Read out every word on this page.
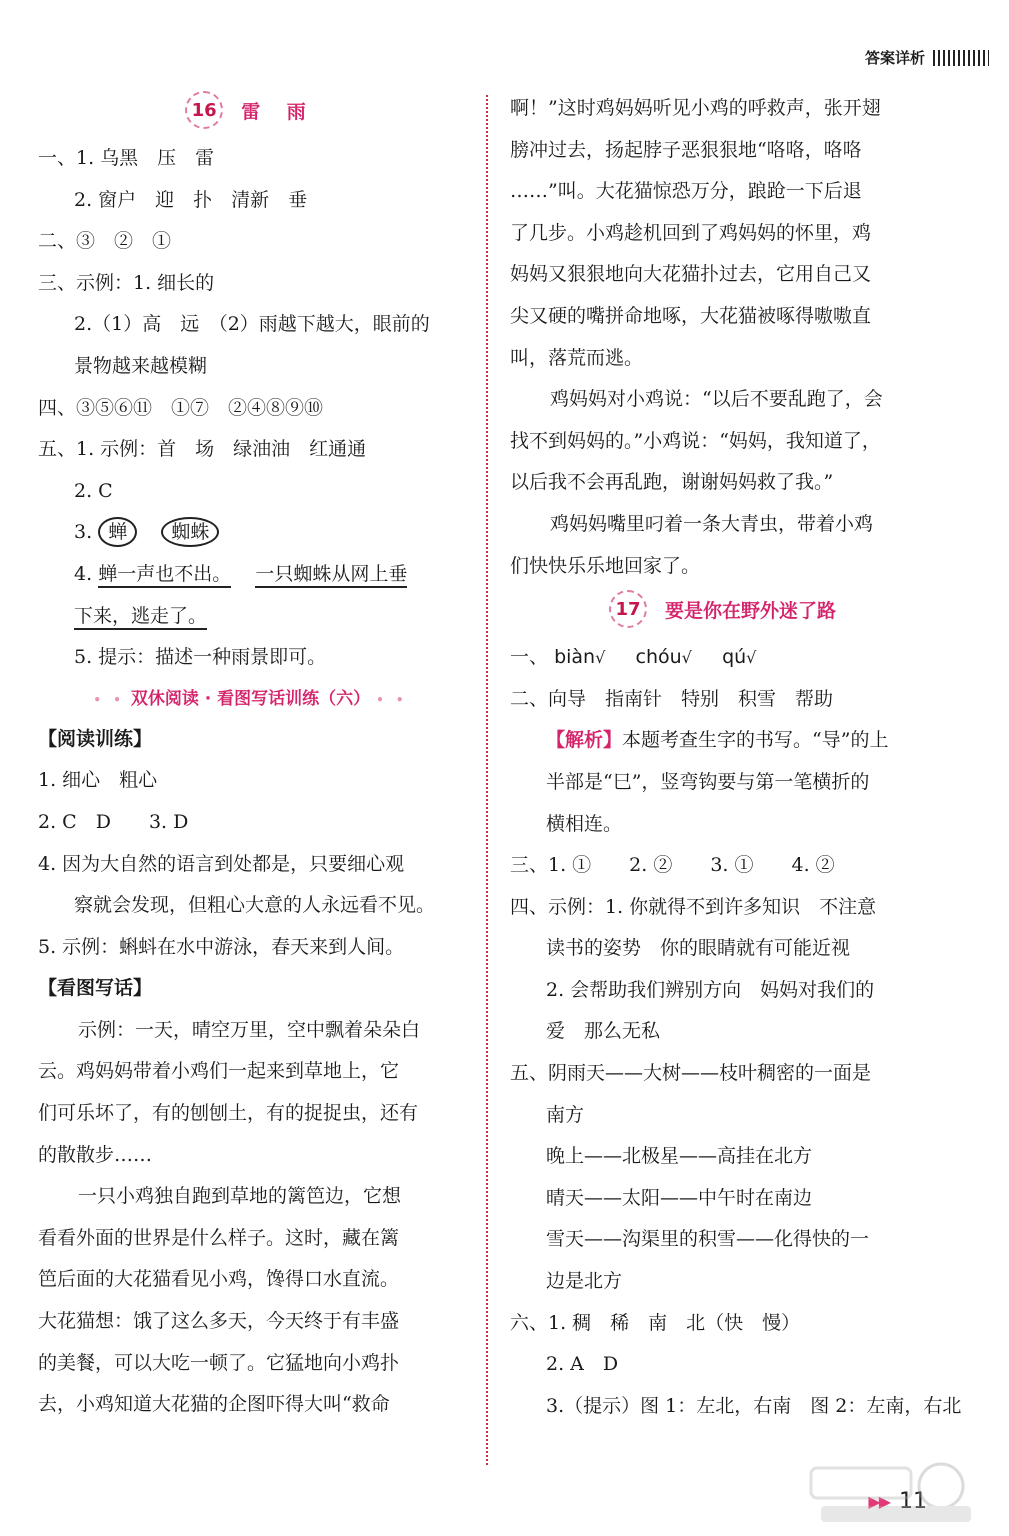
答案详析
16	雷 雨
一、1. 乌黑　压　雷
2. 窗户　迎　扑　清新　垂
二、③　②　①
三、示例：1. 细长的
2.（1）高　远　（2）雨越下越大，眼前的
景物越来越模糊
四、③⑤⑥⑪　①⑦　②④⑧⑨⑩
五、1. 示例：首　场　绿油油　红通通
2. C
3. 蝉 蜘蛛
4. 蝉一声也不出。 一只蜘蛛从网上垂
下来，逃走了。
5. 提示：描述一种雨景即可。
• • 双休阅读 · 看图写话训练（六） • •
【阅读训练】
1. 细心　粗心
2. C　D　　3. D
4. 因为大自然的语言到处都是，只要细心观
察就会发现，但粗心大意的人永远看不见。
5. 示例：蝌蚪在水中游泳，春天来到人间。
【看图写话】
示例：一天，晴空万里，空中飘着朵朵白
云。鸡妈妈带着小鸡们一起来到草地上，它
们可乐坏了，有的刨刨土，有的捉捉虫，还有
的散散步……
一只小鸡独自跑到草地的篱笆边，它想
看看外面的世界是什么样子。这时，藏在篱
笆后面的大花猫看见小鸡，馋得口水直流。
大花猫想：饿了这么多天，今天终于有丰盛
的美餐，可以大吃一顿了。它猛地向小鸡扑
去，小鸡知道大花猫的企图吓得大叫“救命
啊！”这时鸡妈妈听见小鸡的呼救声，张开翅
膀冲过去，扬起脖子恶狠狠地“咯咯，咯咯
……”叫。大花猫惊恐万分，踉跄一下后退
了几步。小鸡趁机回到了鸡妈妈的怀里，鸡
妈妈又狠狠地向大花猫扑过去，它用自己又
尖又硬的嘴拼命地啄，大花猫被啄得嗷嗷直
叫，落荒而逃。
鸡妈妈对小鸡说：“以后不要乱跑了，会
找不到妈妈的。”小鸡说：“妈妈，我知道了，
以后我不会再乱跑，谢谢妈妈救了我。”
鸡妈妈嘴里叼着一条大青虫，带着小鸡
们快快乐乐地回家了。
17	要是你在野外迷了路
一、 biàn√ chóu√ qú√
二、向导　指南针　特别　积雪　帮助
【解析】本题考查生字的书写。“导”的上
半部是“巳”，竖弯钩要与第一笔横折的
横相连。
三、1. ①　　2. ②　　3. ①　　4. ②
四、示例：1. 你就得不到许多知识　不注意
读书的姿势　你的眼睛就有可能近视
2. 会帮助我们辨别方向　妈妈对我们的
爱　那么无私
五、阴雨天——大树——枝叶稠密的一面是
南方
晚上——北极星——高挂在北方
晴天——太阳——中午时在南边
雪天——沟渠里的积雪——化得快的一
边是北方
六、1. 稠　稀　南　北（快　慢）
2. A　D
3.（提示）图 1：左北，右南　图 2：左南，右北
▶▶ 11
